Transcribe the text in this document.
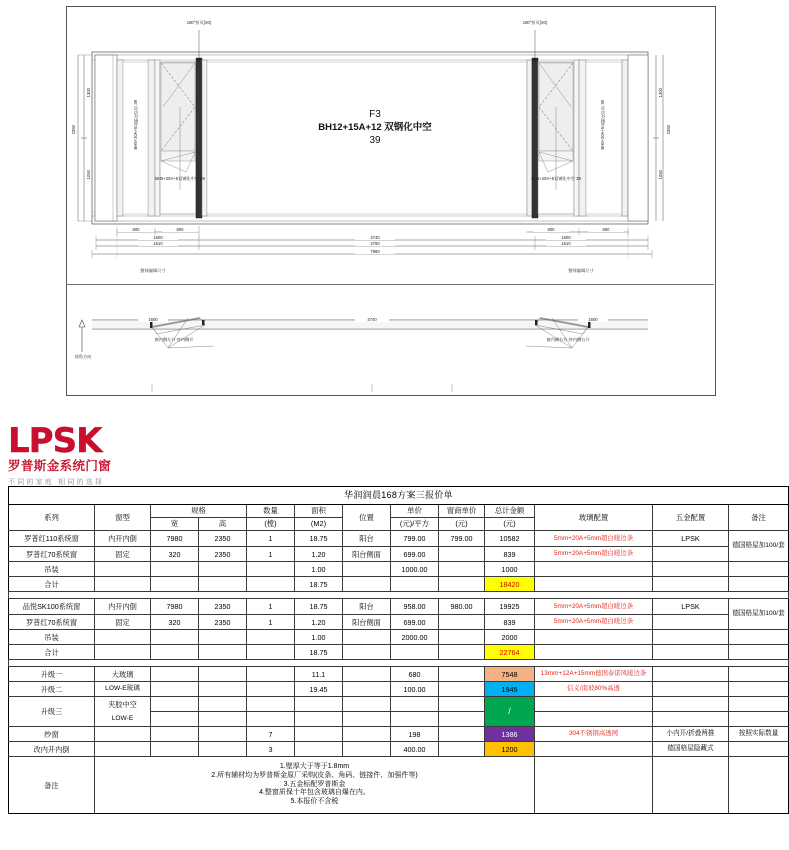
F3
BH12+15A+12 双钢化中空
39
180°折页(20)	180°折页(20)
BH5+20A+5双钢化中空 39	BH5+20A+5双钢化中空 39
BH5+20A+5双钢化中空 39	BH5+20A+5双钢化中空 39
2350
1300
1050
1300
1050
2350
800	800	800	800
1600
1610
1600
1610
4740
4760
7980
1600	4740	1600
窗内侧左开 纱内侧开	窗内侧右开 纱内侧右开
视角方向
整体编辑尺寸	整体编辑尺寸
LPSK
罗普斯金系统门窗
不同的家庭 相同的选择
华润润晨168方案三报价单												
系列	窗型	规格		数量	面积	位置	单价	窗商单价	总计金额	玻璃配置	五金配置	备注
		宽	高	(樘)	(M2)		(元)/平方	(元)	(元)			
罗普红110系统窗	内开内倒	7980	2350	1	18.75	阳台	799.00	799.00	10582	5mm+20A+5mm超白暖边条	LPSK	德国格屋加100/套
罗普红70系统窗	固定	320	2350	1	1.20	阳台侧面	699.00		839	5mm+20A+5mm超白暖边条		
吊装					1.00		1000.00		1000			
合计					18.75				18420			

品悦SK100系统窗	内开内倒	7980	2350	1	18.75	阳台	958.00	980.00	19925	5mm+20A+5mm超白暖边条	LPSK	德国格屋加100/套
罗普红70系统窗	固定	320	2350	1	1.20	阳台侧面	699.00		839	5mm+20A+5mm超白暖边条		
吊装					1.00		2000.00		2000			
合计					18.75				22764			

升级一	大玻璃				11.1		680		7548	13mm+12A+15mm德国泰诺风暖边条		
升级二	LOW-E玻璃				19.45		100.00		1945	信义/南玻80%高透		
升级三	夹胶中空								/			
	LOW-E											
纱窗				7			198		1386	304不锈钢高透网	小内开/折叠两推	按照实际数量
改内开内倒				3			400.00		1200		德国格屋隐藏式	
备注	1.壁厚大于等于1.8mm
2.所有辅材均为罗普斯金原厂采购(皮条、角码、链接件、加强件等)
3.五金标配罗普斯金
4.整窗质保十年包含玻璃自爆在内。
5.本报价不含税											
